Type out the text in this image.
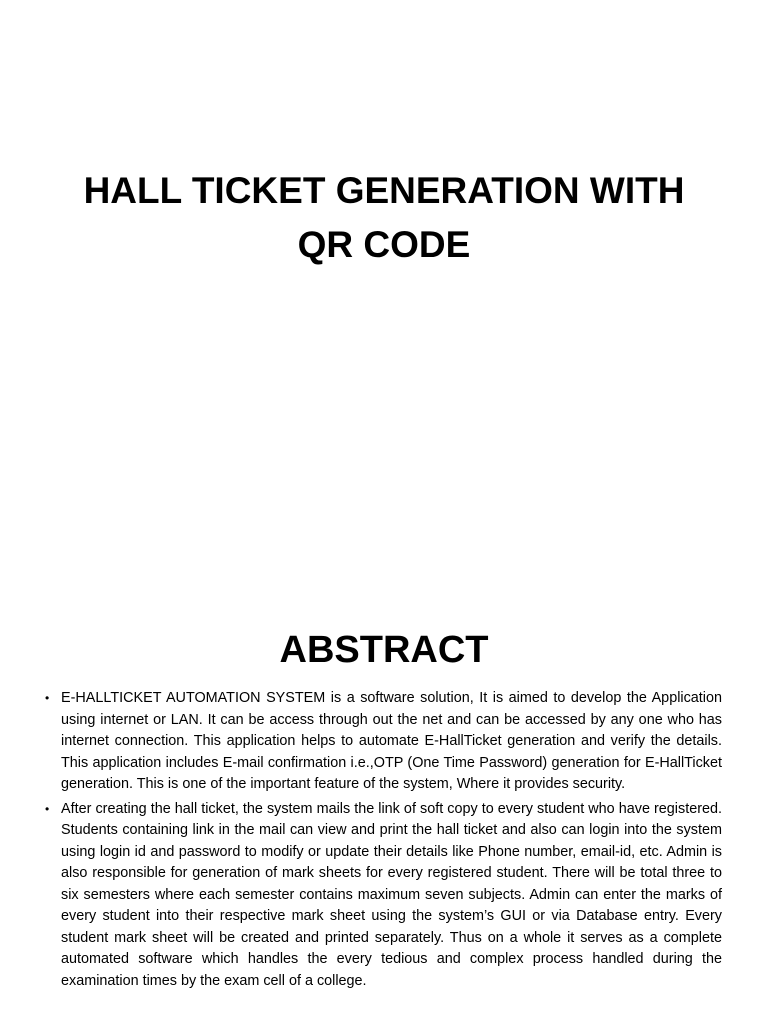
HALL TICKET GENERATION WITH
QR CODE
ABSTRACT
• E-HALLTICKET AUTOMATION SYSTEM is a software solution, It is aimed to develop the Application using internet or LAN. It can be access through out the net and can be accessed by any one who has internet connection. This application helps to automate E-HallTicket generation and verify the details. This application includes E-mail confirmation i.e.,OTP (One Time Password) generation for E-HallTicket generation. This is one of the important feature of the system, Where it provides security.
• After creating the hall ticket, the system mails the link of soft copy to every student who have registered. Students containing link in the mail can view and print the hall ticket and also can login into the system using login id and password to modify or update their details like Phone number, email-id, etc. Admin is also responsible for generation of mark sheets for every registered student. There will be total three to six semesters where each semester contains maximum seven subjects. Admin can enter the marks of every student into their respective mark sheet using the system’s GUI or via Database entry. Every student mark sheet will be created and printed separately. Thus on a whole it serves as a complete automated software which handles the every tedious and complex process handled during the examination times by the exam cell of a college.
